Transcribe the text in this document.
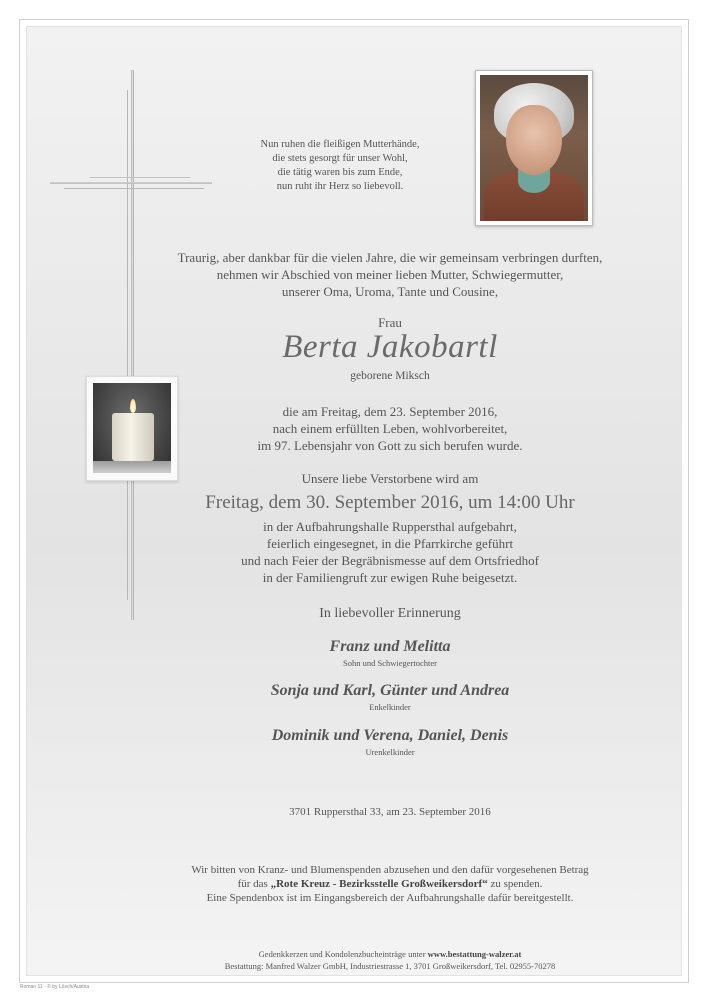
Nun ruhen die fleißigen Mutterhände,
die stets gesorgt für unser Wohl,
die tätig waren bis zum Ende,
nun ruht ihr Herz so liebevoll.
Traurig, aber dankbar für die vielen Jahre, die wir gemeinsam verbringen durften,
nehmen wir Abschied von meiner lieben Mutter, Schwiegermutter,
unserer Oma, Uroma, Tante und Cousine,
Frau
Berta Jakobartl
geborene Miksch
die am Freitag, dem 23. September 2016,
nach einem erfüllten Leben, wohlvorbereitet,
im 97. Lebensjahr von Gott zu sich berufen wurde.
Unsere liebe Verstorbene wird am
Freitag, dem 30. September 2016, um 14:00 Uhr
in der Aufbahrungshalle Ruppersthal aufgebahrt,
feierlich eingesegnet, in die Pfarrkirche geführt
und nach Feier der Begräbnismesse auf dem Ortsfriedhof
in der Familiengruft zur ewigen Ruhe beigesetzt.
In liebevoller Erinnerung
Franz und Melitta
Sohn und Schwiegertochter
Sonja und Karl, Günter und Andrea
Enkelkinder
Dominik und Verena, Daniel, Denis
Urenkelkinder
3701 Ruppersthal 33, am 23. September 2016
Wir bitten von Kranz- und Blumenspenden abzusehen und den dafür vorgesehenen Betrag
für das „Rote Kreuz - Bezirksstelle Großweikersdorf“ zu spenden.
Eine Spendenbox ist im Eingangsbereich der Aufbahrungshalle dafür bereitgestellt.
Gedenkkerzen und Kondolenzbucheinträge unter www.bestattung-walzer.at
Bestattung: Manfred Walzer GmbH, Industriestrasse 1, 3701 Großweikersdorf, Tel. 02955-70278
Roman 11 - © by Lösch/Austria
